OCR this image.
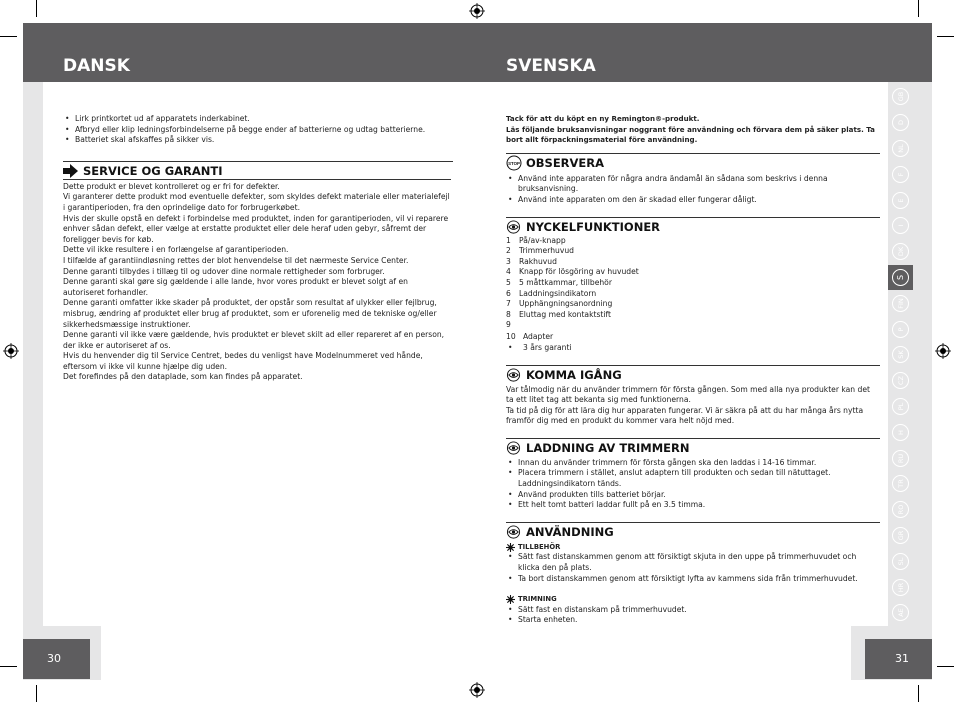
DANSK	SVENSKA
30	31
GB
D
NL
F
E
I
DK
S
FIN
P
SK
CZ
PL
H
RU
TR
RO
GR
SL
HR
AE
• Lirk printkortet ud af apparatets inderkabinet.
• Afbryd eller klip ledningsforbindelserne på begge ender af batterierne og udtag batterierne.
• Batteriet skal afskaffes på sikker vis.
SERVICE OG GARANTI
Dette produkt er blevet kontrolleret og er fri for defekter.
Vi garanterer dette produkt mod eventuelle defekter, som skyldes defekt materiale eller materialefejl i garantiperioden, fra den oprindelige dato for forbrugerkøbet.
Hvis der skulle opstå en defekt i forbindelse med produktet, inden for garantiperioden, vil vi reparere enhver sådan defekt, eller vælge at erstatte produktet eller dele heraf uden gebyr, såfremt der foreligger bevis for køb.
Dette vil ikke resultere i en forlængelse af garantiperioden.
I tilfælde af garantiindløsning rettes der blot henvendelse til det nærmeste Service Center.
Denne garanti tilbydes i tillæg til og udover dine normale rettigheder som forbruger.
Denne garanti skal gøre sig gældende i alle lande, hvor vores produkt er blevet solgt af en autoriseret forhandler.
Denne garanti omfatter ikke skader på produktet, der opstår som resultat af ulykker eller fejlbrug, misbrug, ændring af produktet eller brug af produktet, som er uforenelig med de tekniske og/eller sikkerhedsmæssige instruktioner.
Denne garanti vil ikke være gældende, hvis produktet er blevet skilt ad eller repareret af en person, der ikke er autoriseret af os.
Hvis du henvender dig til Service Centret, bedes du venligst have Modelnummeret ved hånde, eftersom vi ikke vil kunne hjælpe dig uden.
Det forefindes på den dataplade, som kan findes på apparatet.
Tack för att du köpt en ny Remington®-produkt.
Läs följande bruksanvisningar noggrant före användning och förvara dem på säker plats. Ta bort allt förpackningsmaterial före användning.
STOP OBSERVERA
• Använd inte apparaten för några andra ändamål än sådana som beskrivs i denna bruksanvisning.
• Använd inte apparaten om den är skadad eller fungerar dåligt.
NYCKELFUNKTIONER
1	På/av-knapp
2	Trimmerhuvud
3	Rakhuvud
4	Knapp för lösgöring av huvudet
5	5 måttkammar, tillbehör
6	Laddningsindikatorn
7	Upphängningsanordning
8	Eluttag med kontaktstift
9
10 Adapter
•	3 års garanti
KOMMA IGÅNG
Var tålmodig när du använder trimmern för första gången. Som med alla nya produkter kan det ta ett litet tag att bekanta sig med funktionerna.
Ta tid på dig för att lära dig hur apparaten fungerar. Vi är säkra på att du har många års nytta framför dig med en produkt du kommer vara helt nöjd med.
LADDNING AV TRIMMERN
• Innan du använder trimmern för första gången ska den laddas i 14-16 timmar.
• Placera trimmern i stället, anslut adaptern till produkten och sedan till nätuttaget. Laddningsindikatorn tänds.
• Använd produkten tills batteriet börjar.
• Ett helt tomt batteri laddar fullt på en 3.5 timma.
ANVÄNDNING
TILLBEHÖR
• Sätt fast distanskammen genom att försiktigt skjuta in den uppe på trimmerhuvudet och klicka den på plats.
• Ta bort distanskammen genom att försiktigt lyfta av kammens sida från trimmerhuvudet.
TRIMNING
• Sätt fast en distanskam på trimmerhuvudet.
• Starta enheten.
